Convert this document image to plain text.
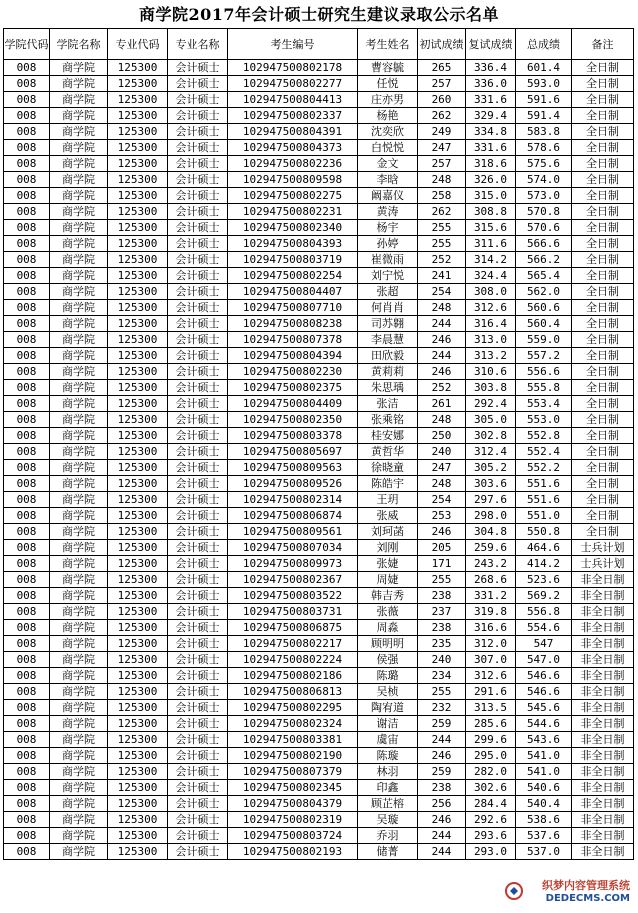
商学院2017年会计硕士研究生建议录取公示名单
学院代码	学院名称	专业代码	专业名称	考生编号	考生姓名	初试成绩	复试成绩	总成绩	备注
008	商学院	125300	会计硕士	102947500802178	曹容毓	265	336.4	601.4	全日制
008	商学院	125300	会计硕士	102947500802277	任悦	257	336.0	593.0	全日制
008	商学院	125300	会计硕士	102947500804413	庄亦男	260	331.6	591.6	全日制
008	商学院	125300	会计硕士	102947500802337	杨艳	262	329.4	591.4	全日制
008	商学院	125300	会计硕士	102947500804391	沈奕欣	249	334.8	583.8	全日制
008	商学院	125300	会计硕士	102947500804373	白悦悦	247	331.6	578.6	全日制
008	商学院	125300	会计硕士	102947500802236	金文	257	318.6	575.6	全日制
008	商学院	125300	会计硕士	102947500809598	李晗	248	326.0	574.0	全日制
008	商学院	125300	会计硕士	102947500802275	阚嘉仪	258	315.0	573.0	全日制
008	商学院	125300	会计硕士	102947500802231	黄涛	262	308.8	570.8	全日制
008	商学院	125300	会计硕士	102947500802340	杨宇	255	315.6	570.6	全日制
008	商学院	125300	会计硕士	102947500804393	孙婷	255	311.6	566.6	全日制
008	商学院	125300	会计硕士	102947500803719	崔微雨	252	314.2	566.2	全日制
008	商学院	125300	会计硕士	102947500802254	刘宁悦	241	324.4	565.4	全日制
008	商学院	125300	会计硕士	102947500804407	张超	254	308.0	562.0	全日制
008	商学院	125300	会计硕士	102947500807710	何肖肖	248	312.6	560.6	全日制
008	商学院	125300	会计硕士	102947500808238	司苏翱	244	316.4	560.4	全日制
008	商学院	125300	会计硕士	102947500807378	李晨慧	246	313.0	559.0	全日制
008	商学院	125300	会计硕士	102947500804394	田欣毅	244	313.2	557.2	全日制
008	商学院	125300	会计硕士	102947500802230	黄莉莉	246	310.6	556.6	全日制
008	商学院	125300	会计硕士	102947500802375	朱思瑀	252	303.8	555.8	全日制
008	商学院	125300	会计硕士	102947500804409	张洁	261	292.4	553.4	全日制
008	商学院	125300	会计硕士	102947500802350	张乘铭	248	305.0	553.0	全日制
008	商学院	125300	会计硕士	102947500803378	桂安娜	250	302.8	552.8	全日制
008	商学院	125300	会计硕士	102947500805697	黄哲华	240	312.4	552.4	全日制
008	商学院	125300	会计硕士	102947500809563	徐晓童	247	305.2	552.2	全日制
008	商学院	125300	会计硕士	102947500809526	陈皓宇	248	303.6	551.6	全日制
008	商学院	125300	会计硕士	102947500802314	王玥	254	297.6	551.6	全日制
008	商学院	125300	会计硕士	102947500806874	张威	253	298.0	551.0	全日制
008	商学院	125300	会计硕士	102947500809561	刘珂菡	246	304.8	550.8	全日制
008	商学院	125300	会计硕士	102947500807034	刘刚	205	259.6	464.6	士兵计划
008	商学院	125300	会计硕士	102947500809973	张婕	171	243.2	414.2	士兵计划
008	商学院	125300	会计硕士	102947500802367	周婕	255	268.6	523.6	非全日制
008	商学院	125300	会计硕士	102947500803522	韩吉秀	238	331.2	569.2	非全日制
008	商学院	125300	会计硕士	102947500803731	张薇	237	319.8	556.8	非全日制
008	商学院	125300	会计硕士	102947500806875	周淼	238	316.6	554.6	非全日制
008	商学院	125300	会计硕士	102947500802217	顾明明	235	312.0	547	非全日制
008	商学院	125300	会计硕士	102947500802224	侯强	240	307.0	547.0	非全日制
008	商学院	125300	会计硕士	102947500802186	陈璐	234	312.6	546.6	非全日制
008	商学院	125300	会计硕士	102947500806813	吴桢	255	291.6	546.6	非全日制
008	商学院	125300	会计硕士	102947500802295	陶宥道	232	313.5	545.6	非全日制
008	商学院	125300	会计硕士	102947500802324	谢洁	259	285.6	544.6	非全日制
008	商学院	125300	会计硕士	102947500803381	虞宙	244	299.6	543.6	非全日制
008	商学院	125300	会计硕士	102947500802190	陈璇	246	295.0	541.0	非全日制
008	商学院	125300	会计硕士	102947500807379	林羽	259	282.0	541.0	非全日制
008	商学院	125300	会计硕士	102947500802345	印鑫	238	302.6	540.6	非全日制
008	商学院	125300	会计硕士	102947500804379	顾芷榕	256	284.4	540.4	非全日制
008	商学院	125300	会计硕士	102947500802319	吴璇	246	292.6	538.6	非全日制
008	商学院	125300	会计硕士	102947500803724	乔羽	244	293.6	537.6	非全日制
008	商学院	125300	会计硕士	102947500802193	储菁	244	293.0	537.0	非全日制
织梦内容管理系统
DEDECMS.COM
